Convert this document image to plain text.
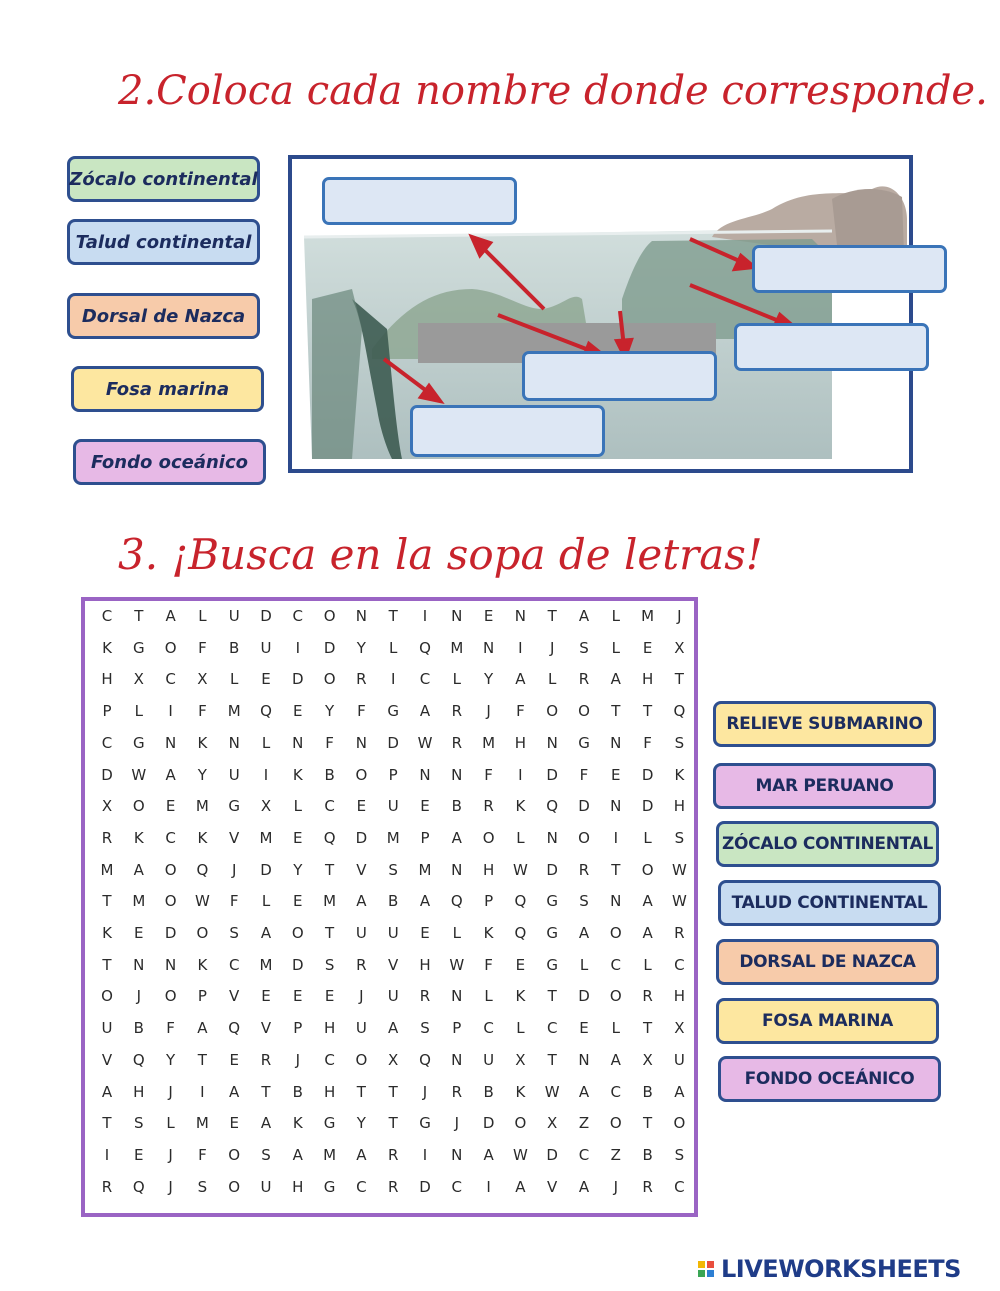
2.Coloca cada nombre donde corresponde.
Zócalo continental
Talud continental
Dorsal de Nazca
Fosa marina
Fondo oceánico
3. ¡Busca en la sopa de letras!
C	T	A	L	U	D	C	O	N	T	I	N	E	N	T	A	L	M	J
K	G	O	F	B	U	I	D	Y	L	Q	M	N	I	J	S	L	E	X
H	X	C	X	L	E	D	O	R	I	C	L	Y	A	L	R	A	H	T
P	L	I	F	M	Q	E	Y	F	G	A	R	J	F	O	O	T	T	Q
C	G	N	K	N	L	N	F	N	D	W	R	M	H	N	G	N	F	S
D	W	A	Y	U	I	K	B	O	P	N	N	F	I	D	F	E	D	K
X	O	E	M	G	X	L	C	E	U	E	B	R	K	Q	D	N	D	H
R	K	C	K	V	M	E	Q	D	M	P	A	O	L	N	O	I	L	S
M	A	O	Q	J	D	Y	T	V	S	M	N	H	W	D	R	T	O	W
T	M	O	W	F	L	E	M	A	B	A	Q	P	Q	G	S	N	A	W
K	E	D	O	S	A	O	T	U	U	E	L	K	Q	G	A	O	A	R
T	N	N	K	C	M	D	S	R	V	H	W	F	E	G	L	C	L	C
O	J	O	P	V	E	E	E	J	U	R	N	L	K	T	D	O	R	H
U	B	F	A	Q	V	P	H	U	A	S	P	C	L	C	E	L	T	X
V	Q	Y	T	E	R	J	C	O	X	Q	N	U	X	T	N	A	X	U
A	H	J	I	A	T	B	H	T	T	J	R	B	K	W	A	C	B	A
T	S	L	M	E	A	K	G	Y	T	G	J	D	O	X	Z	O	T	O
I	E	J	F	O	S	A	M	A	R	I	N	A	W	D	C	Z	B	S
R	Q	J	S	O	U	H	G	C	R	D	C	I	A	V	A	J	R	C
RELIEVE SUBMARINO
MAR PERUANO
ZÓCALO CONTINENTAL
TALUD CONTINENTAL
DORSAL DE NAZCA
FOSA MARINA
FONDO OCEÁNICO
LIVEWORKSHEETS
